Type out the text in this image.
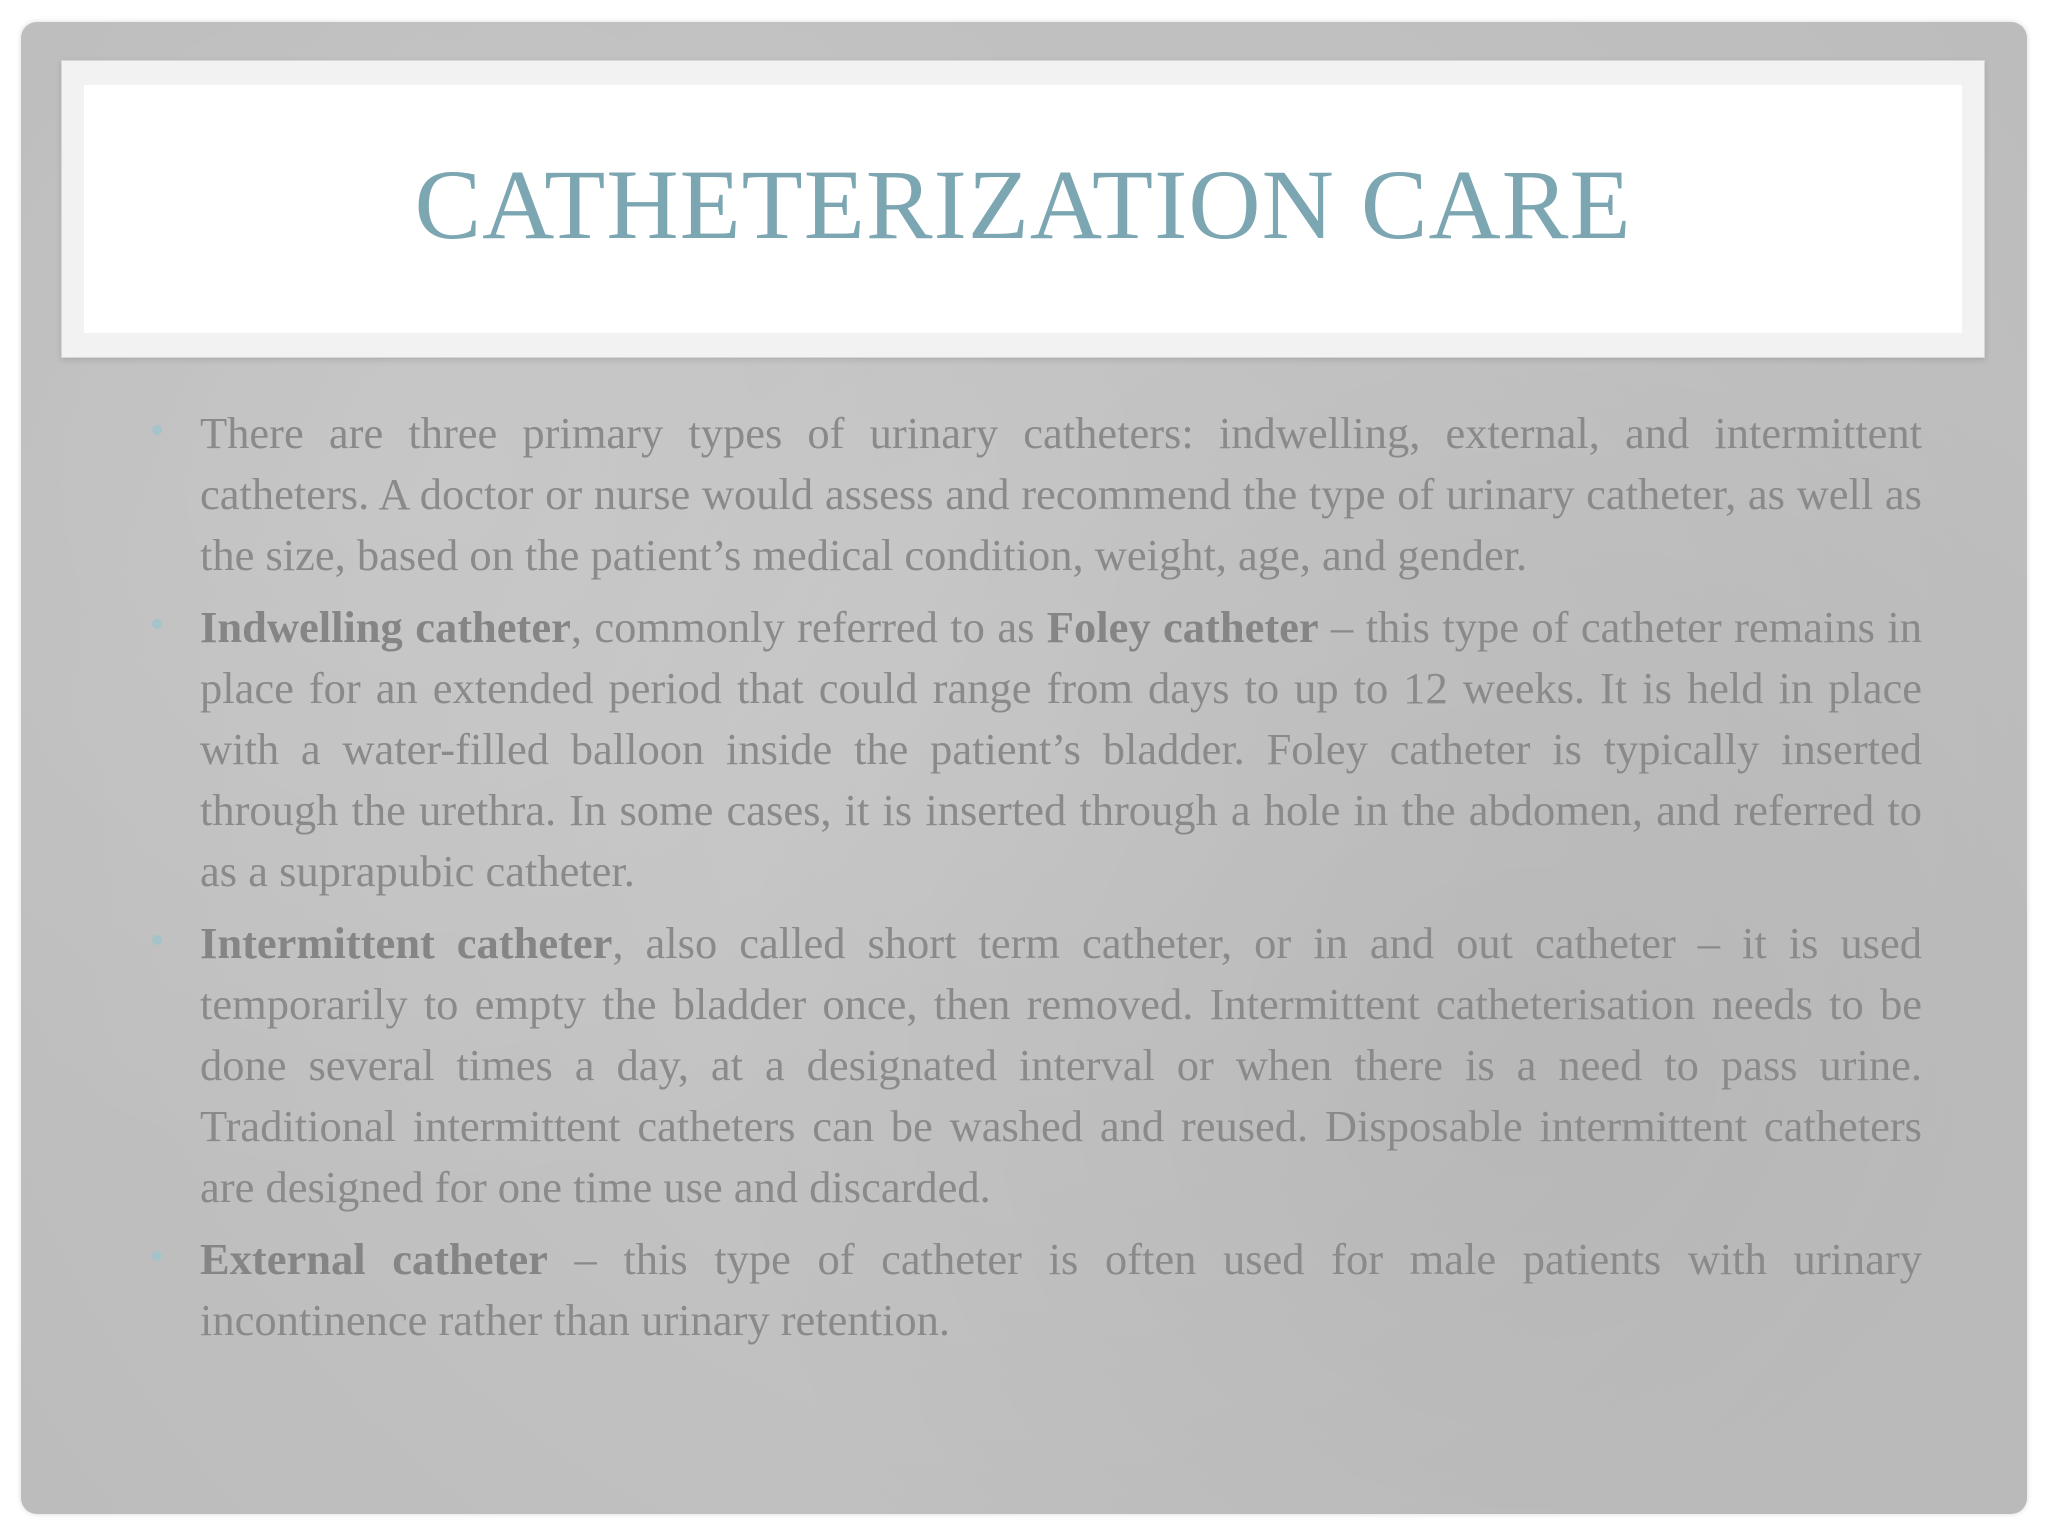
CATHETERIZATION CARE
There are three primary types of urinary catheters: indwelling, external, and intermittent catheters. A doctor or nurse would assess and recommend the type of urinary catheter, as well as the size, based on the patient’s medical condition, weight, age, and gender.
Indwelling catheter, commonly referred to as Foley catheter – this type of catheter remains in place for an extended period that could range from days to up to 12 weeks. It is held in place with a water-filled balloon inside the patient’s bladder. Foley catheter is typically inserted through the urethra. In some cases, it is inserted through a hole in the abdomen, and referred to as a suprapubic catheter.
Intermittent catheter, also called short term catheter, or in and out catheter – it is used temporarily to empty the bladder once, then removed. Intermittent catheterisation needs to be done several times a day, at a designated interval or when there is a need to pass urine. Traditional intermittent catheters can be washed and reused. Disposable intermittent catheters are designed for one time use and discarded.
External catheter – this type of catheter is often used for male patients with urinary incontinence rather than urinary retention.
